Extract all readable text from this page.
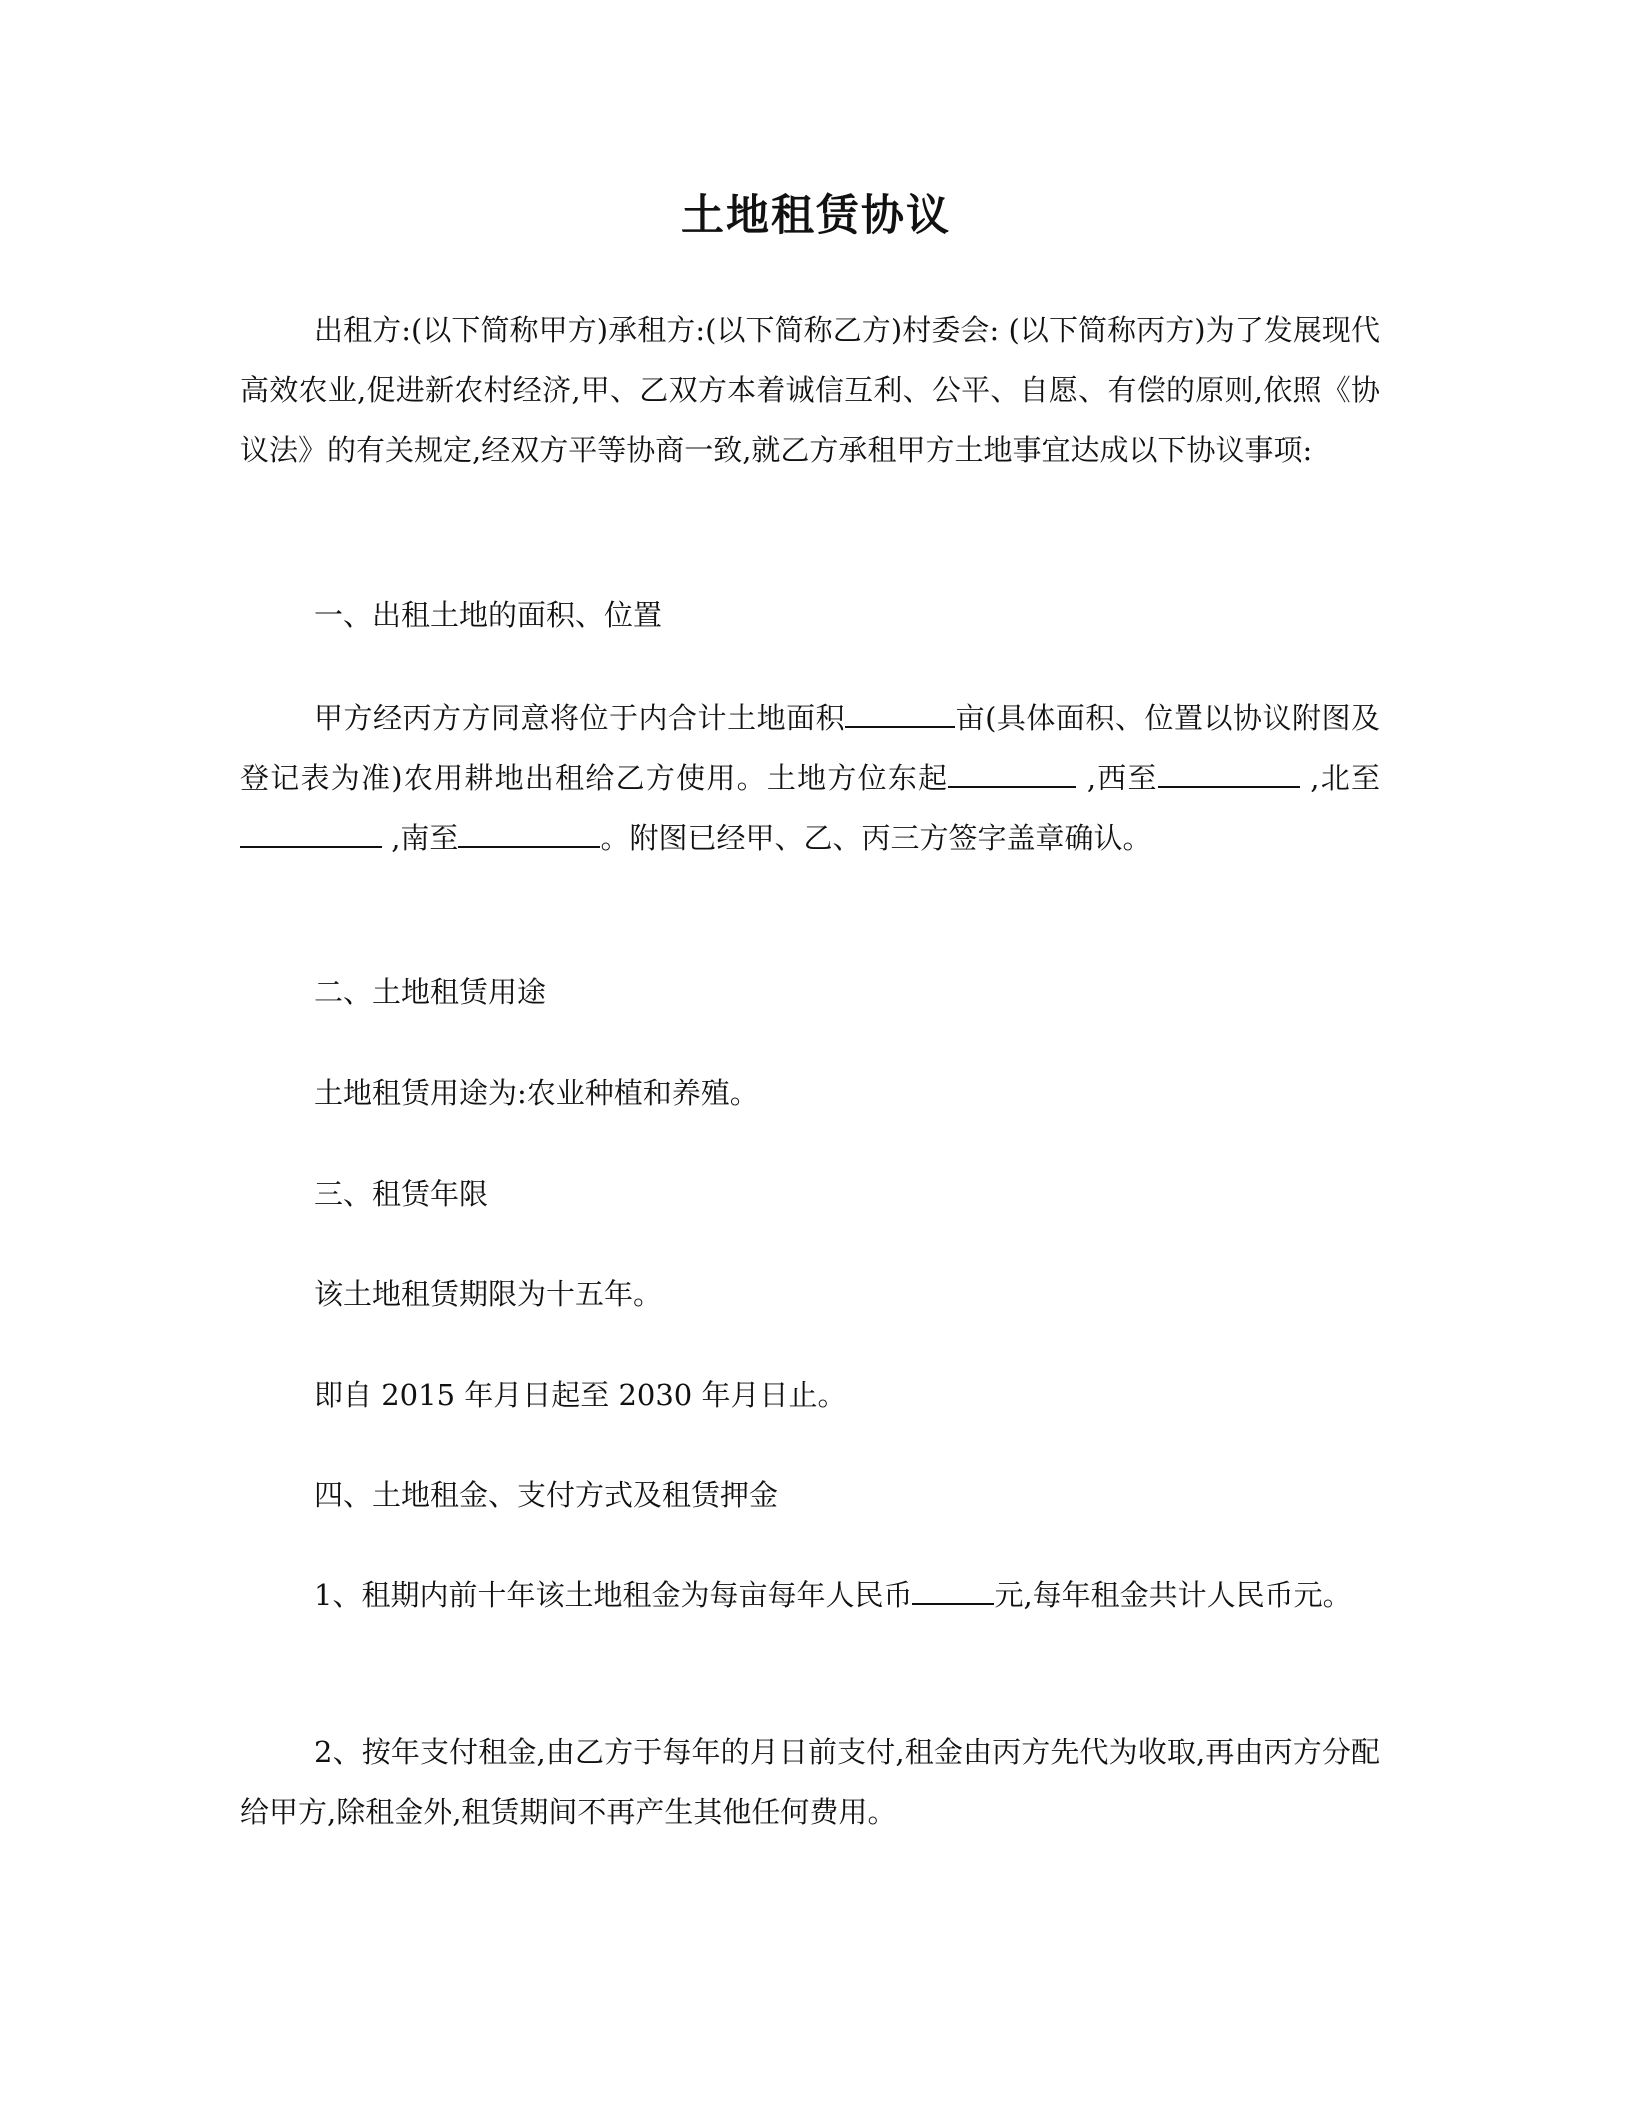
土地租赁协议

出租方:(以下简称甲方)承租方:(以下简称乙方)村委会: (以下简称丙方)为了发展现代高效农业,促进新农村经济,甲、乙双方本着诚信互利、公平、自愿、有偿的原则,依照《协议法》的有关规定,经双方平等协商一致,就乙方承租甲方土地事宜达成以下协议事项:

一、出租土地的面积、位置

甲方经丙方方同意将位于内合计土地面积	亩(具体面积、位置以协议附图及登记表为准)农用耕地出租给乙方使用。土地方位东起	,西至	,北至 ,南至	。附图已经甲、乙、丙三方签字盖章确认。

二、土地租赁用途

土地租赁用途为:农业种植和养殖。

三、租赁年限

该土地租赁期限为十五年。

即自 2015 年月日起至 2030 年月日止。

四、土地租金、支付方式及租赁押金

1、租期内前十年该土地租金为每亩每年人民币	元,每年租金共计人民币元。

2、按年支付租金,由乙方于每年的月日前支付,租金由丙方先代为收取,再由丙方分配给甲方,除租金外,租赁期间不再产生其他任何费用。
